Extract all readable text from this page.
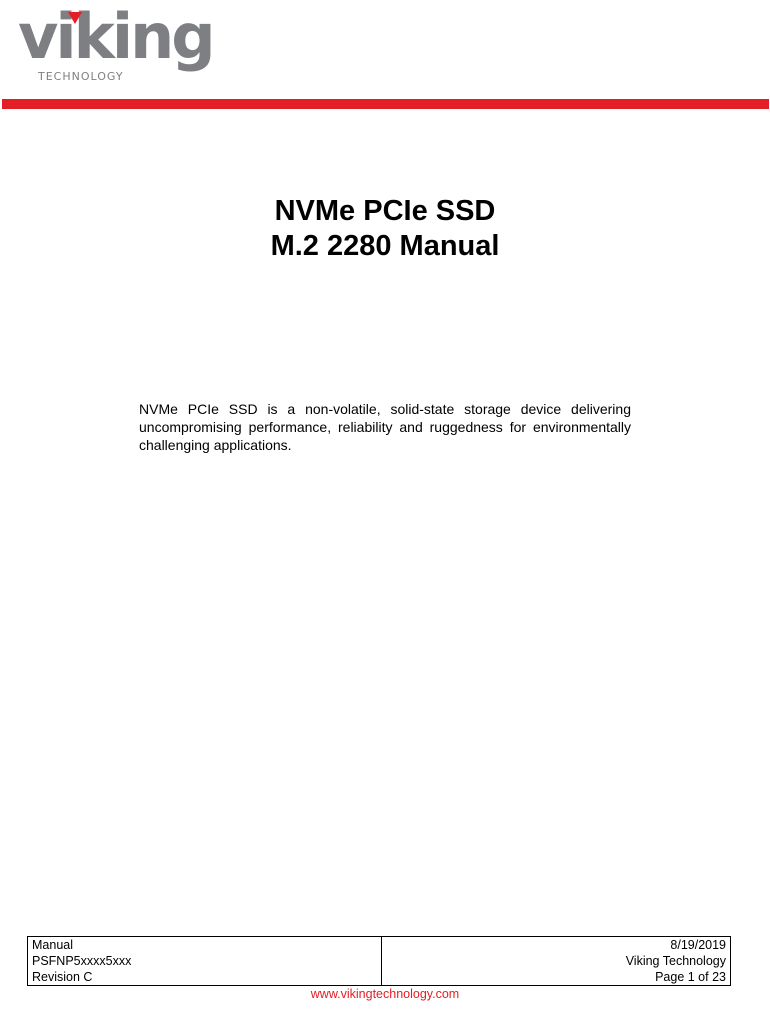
viking
TECHNOLOGY
NVMe PCIe SSD
M.2 2280 Manual
NVMe PCIe SSD is a non-volatile, solid-state storage device delivering uncompromising performance, reliability and ruggedness for environmentally challenging applications.
Manual	8/19/2019
PSFNP5xxxx5xxx	Viking Technology
Revision C	Page 1 of 23
www.vikingtechnology.com
